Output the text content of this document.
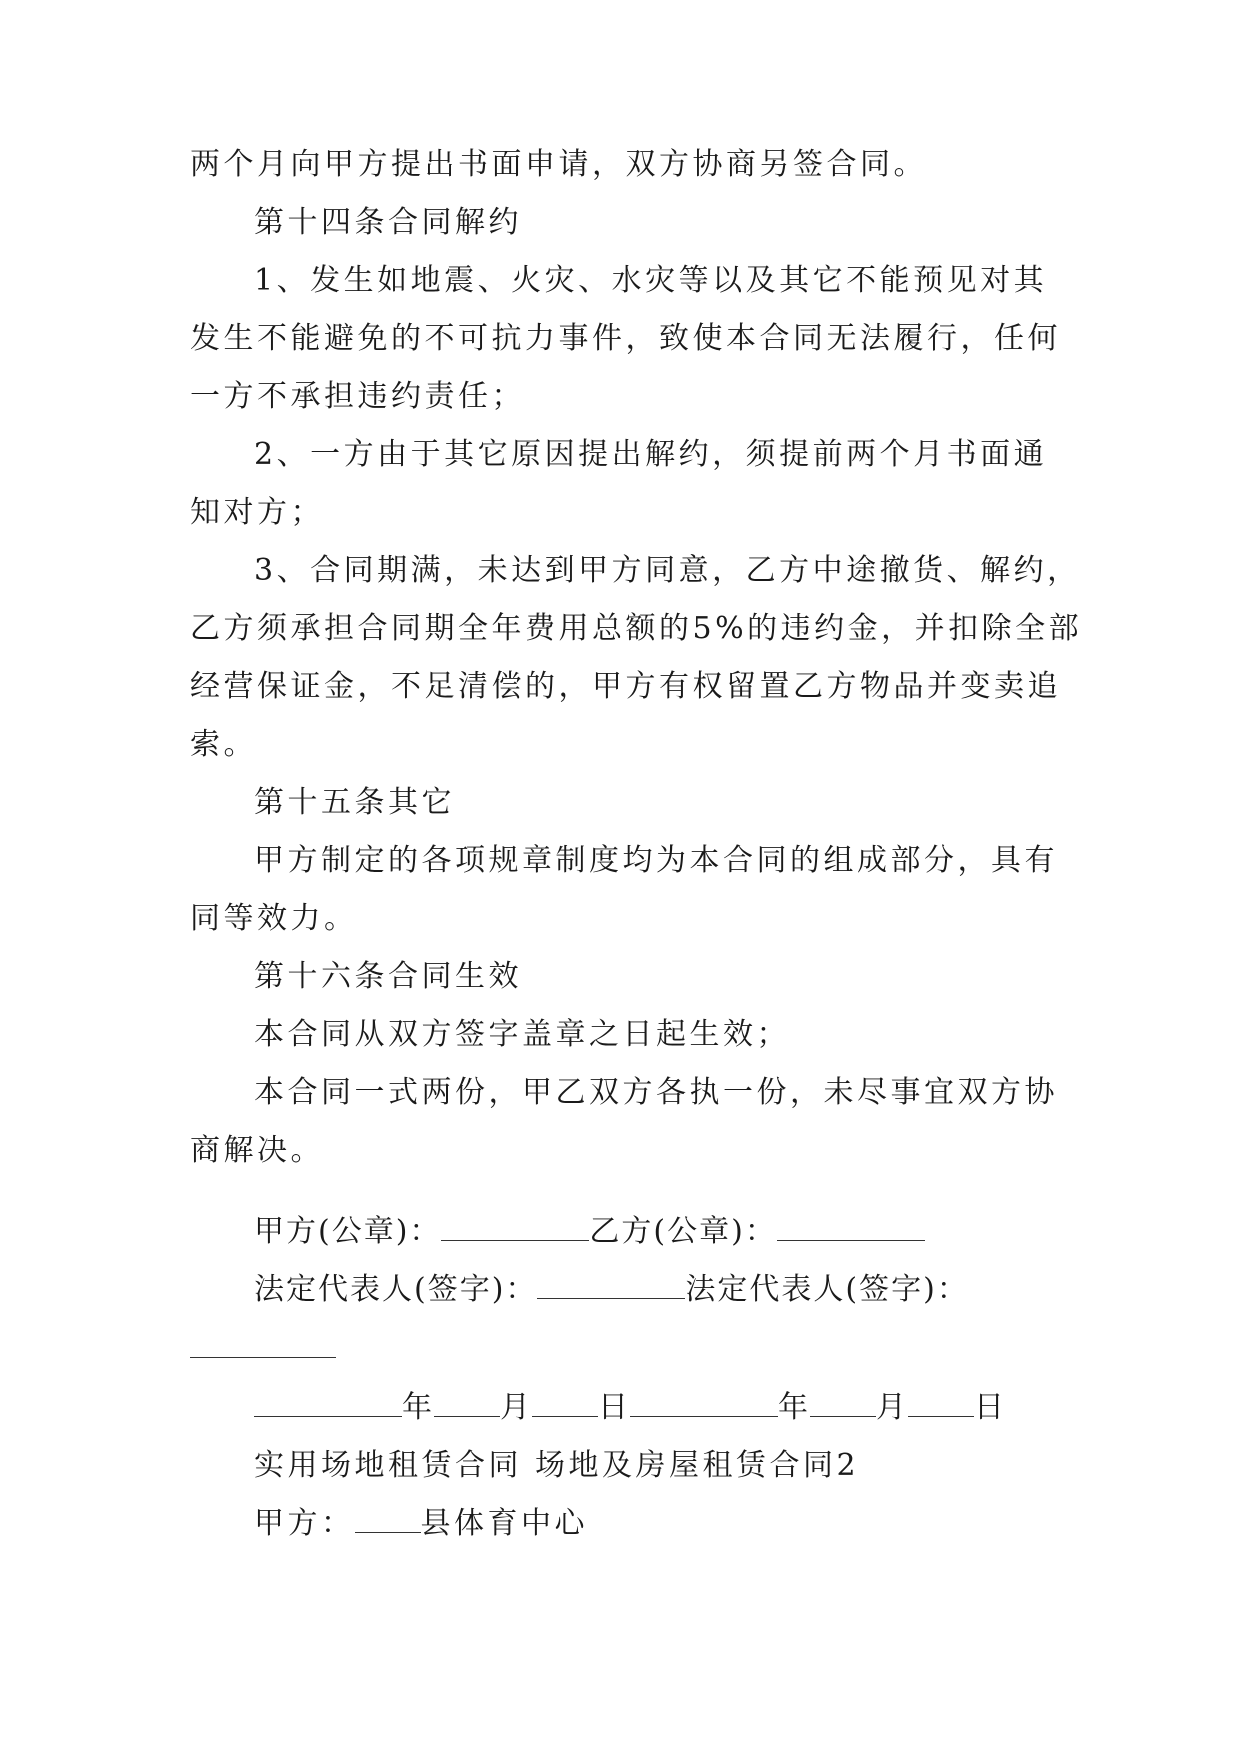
两个月向甲方提出书面申请，双方协商另签合同。
第十四条合同解约
1、发生如地震、火灾、水灾等以及其它不能预见对其
发生不能避免的不可抗力事件，致使本合同无法履行，任何
一方不承担违约责任；
2、一方由于其它原因提出解约，须提前两个月书面通
知对方；
3、合同期满，未达到甲方同意，乙方中途撤货、解约，
乙方须承担合同期全年费用总额的5%的违约金，并扣除全部
经营保证金，不足清偿的，甲方有权留置乙方物品并变卖追
索。
第十五条其它
甲方制定的各项规章制度均为本合同的组成部分，具有
同等效力。
第十六条合同生效
本合同从双方签字盖章之日起生效；
本合同一式两份，甲乙双方各执一份，未尽事宜双方协
商解决。
甲方(公章)：	乙方(公章)：
法定代表人(签字)：	法定代表人(签字)：
年 月 日	年 月 日
实用场地租赁合同 场地及房屋租赁合同2
甲方： 县体育中心
